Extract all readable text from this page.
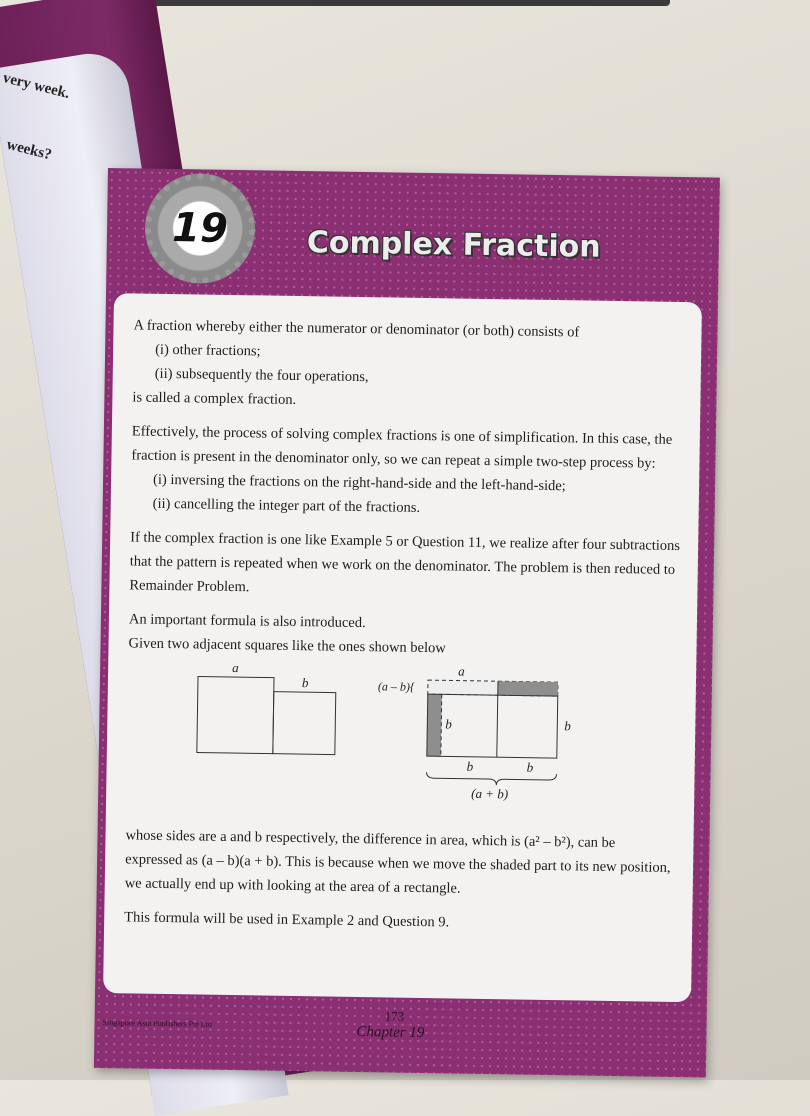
very week.
weeks?
19	Complex Fraction

A fraction whereby either the numerator or denominator (or both) consists of
(i) other fractions;
(ii) subsequently the four operations,
is called a complex fraction.

Effectively, the process of solving complex fractions is one of simplification. In this case, the fraction is present in the denominator only, so we can repeat a simple two-step process by:
(i) inversing the fractions on the right-hand-side and the left-hand-side;
(ii) cancelling the integer part of the fractions.

If the complex fraction is one like Example 5 or Question 11, we realize after four subtractions that the pattern is repeated when we work on the denominator. The problem is then reduced to Remainder Problem.

An important formula is also introduced.
Given two adjacent squares like the ones shown below

a
b	(a – b){
a
b	b
b	b
(a + b)

whose sides are a and b respectively, the difference in area, which is (a² – b²), can be expressed as (a – b)(a + b). This is because when we move the shaded part to its new position, we actually end up with looking at the area of a rectangle.

This formula will be used in Example 2 and Question 9.

Singapore Asia Publishers Pte Ltd	173
Chapter 19
